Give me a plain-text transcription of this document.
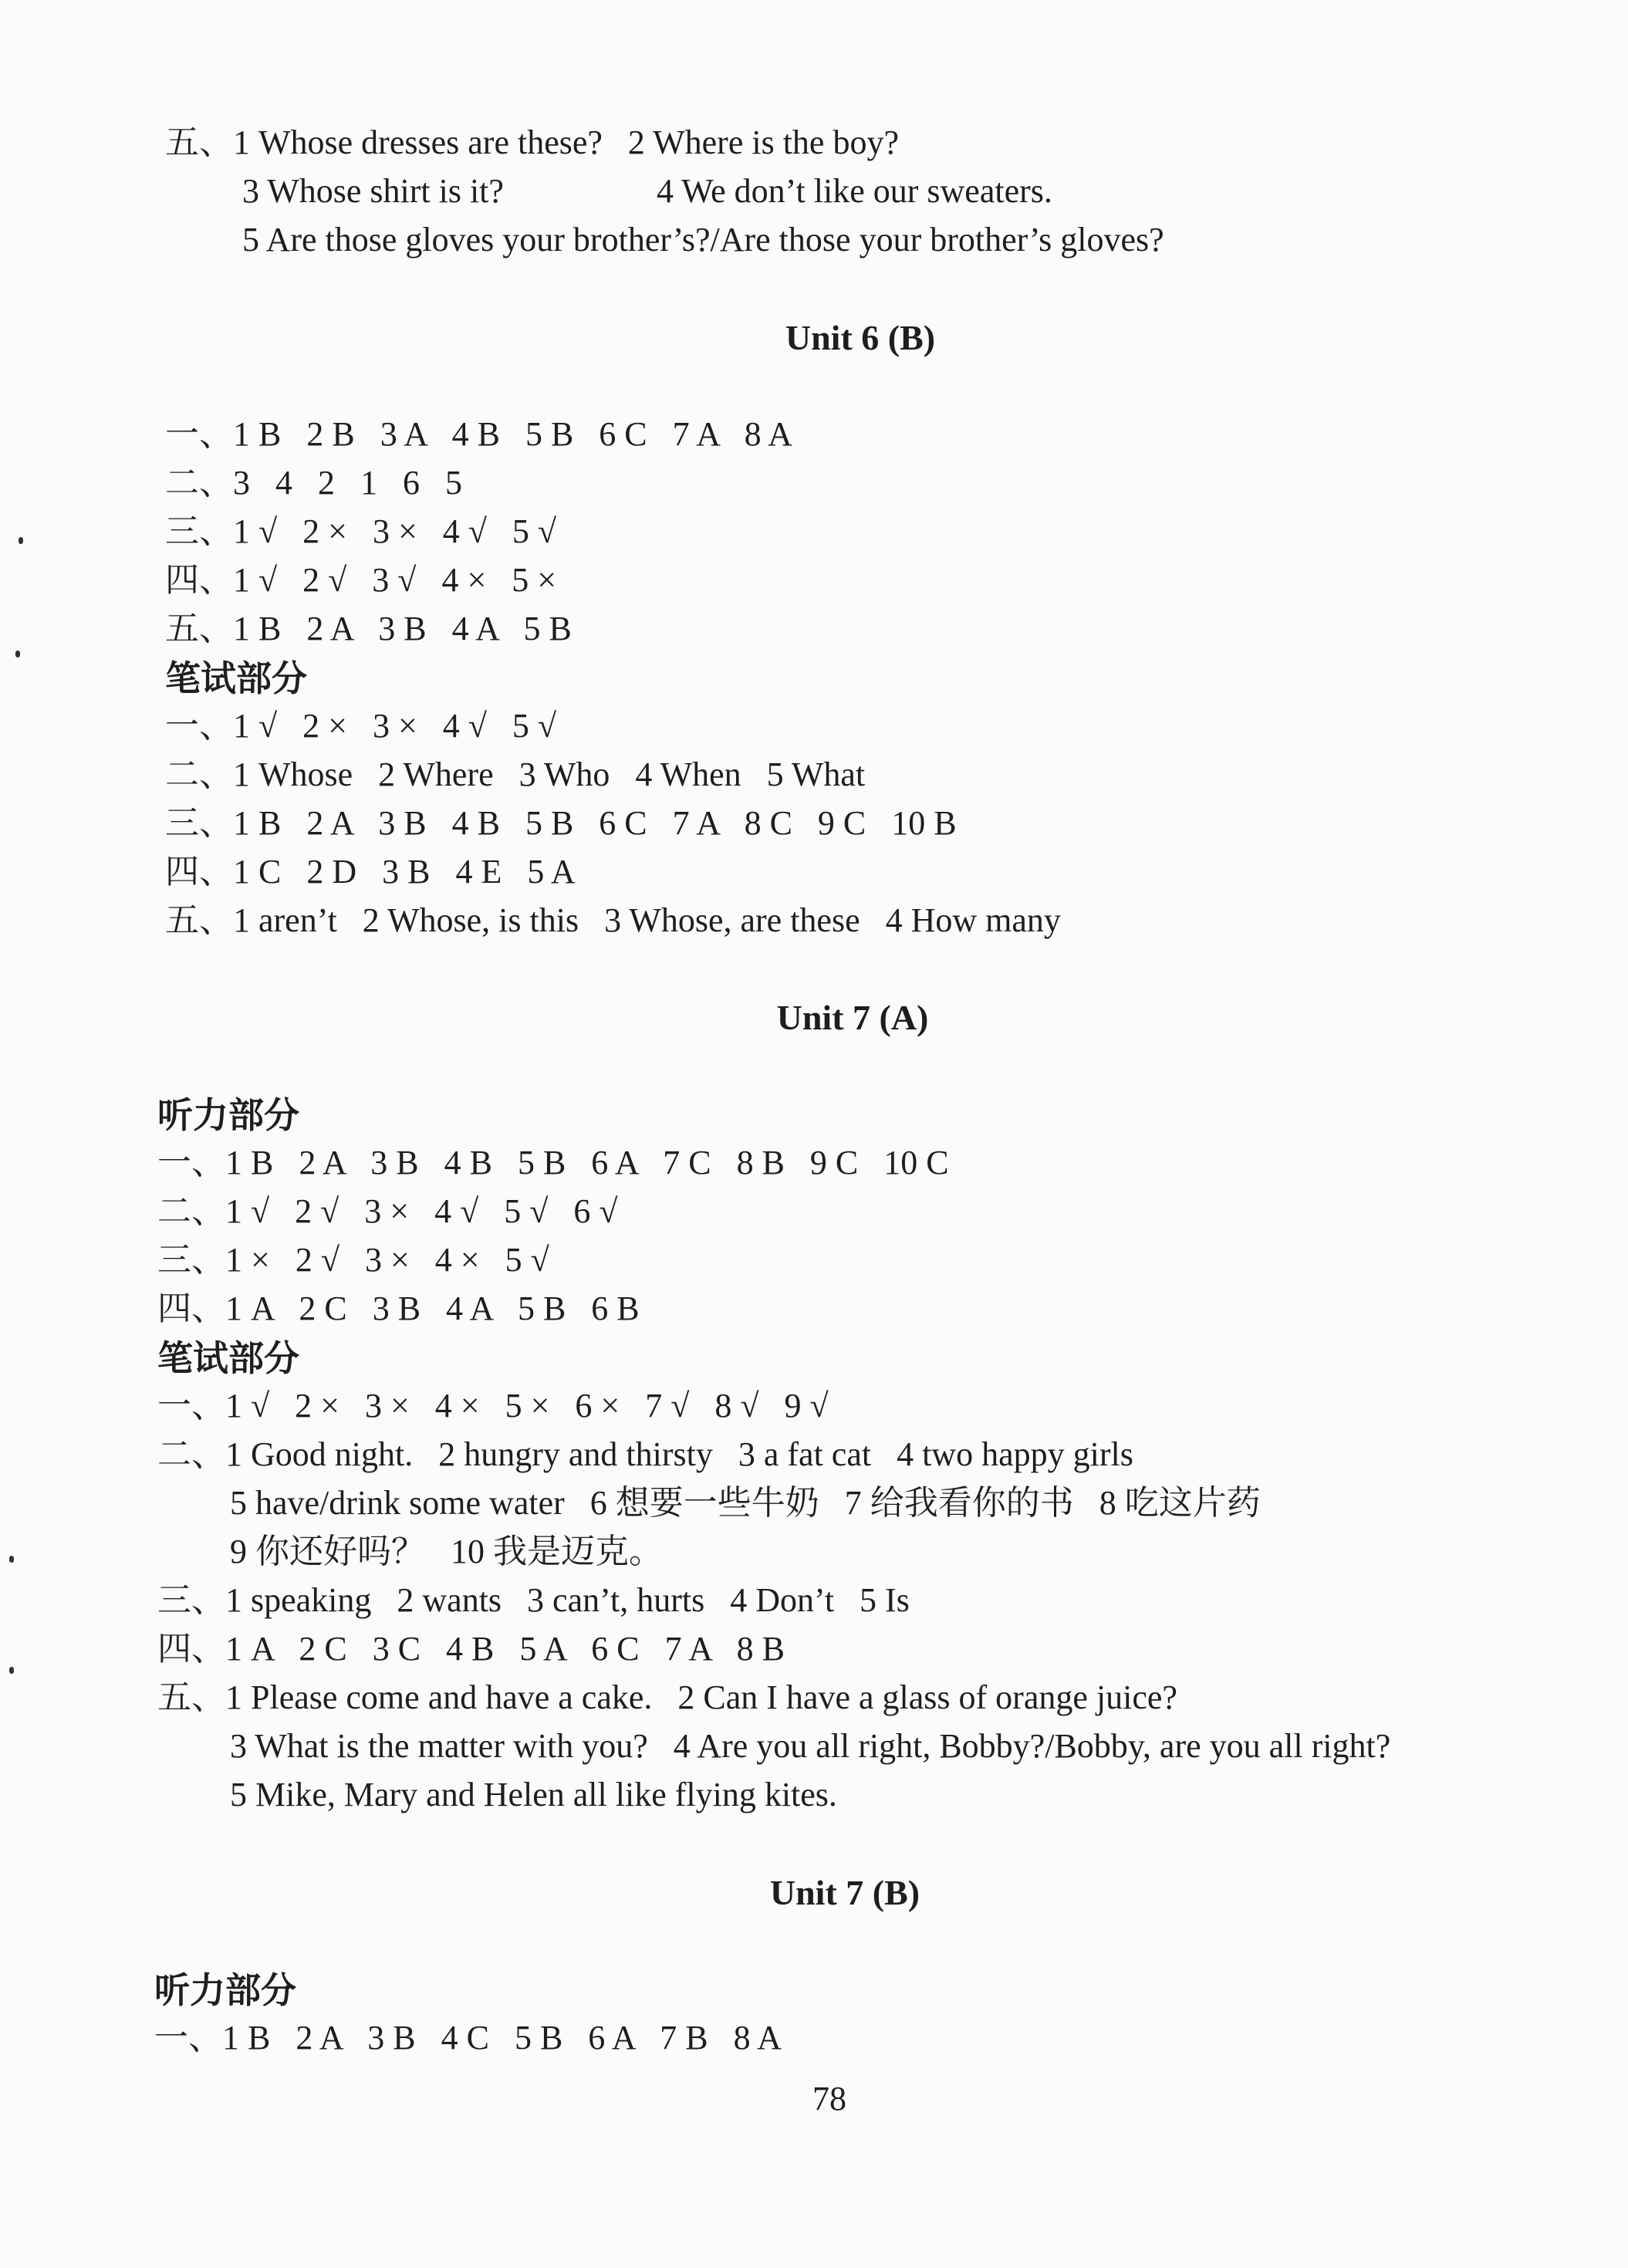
五、1 Whose dresses are these?   2 Where is the boy?
3 Whose shirt is it?                  4 We don’t like our sweaters.
5 Are those gloves your brother’s?/Are those your brother’s gloves?
Unit 6 (B)
一、1 B   2 B   3 A   4 B   5 B   6 C   7 A   8 A
二、3   4   2   1   6   5
三、1 √   2 ×   3 ×   4 √   5 √
四、1 √   2 √   3 √   4 ×   5 ×
五、1 B   2 A   3 B   4 A   5 B
笔试部分
一、1 √   2 ×   3 ×   4 √   5 √
二、1 Whose   2 Where   3 Who   4 When   5 What
三、1 B   2 A   3 B   4 B   5 B   6 C   7 A   8 C   9 C   10 B
四、1 C   2 D   3 B   4 E   5 A
五、1 aren’t   2 Whose, is this   3 Whose, are these   4 How many
Unit 7 (A)
听力部分
一、1 B   2 A   3 B   4 B   5 B   6 A   7 C   8 B   9 C   10 C
二、1 √   2 √   3 ×   4 √   5 √   6 √
三、1 ×   2 √   3 ×   4 ×   5 √
四、1 A   2 C   3 B   4 A   5 B   6 B
笔试部分
一、1 √   2 ×   3 ×   4 ×   5 ×   6 ×   7 √   8 √   9 √
二、1 Good night.   2 hungry and thirsty   3 a fat cat   4 two happy girls
5 have/drink some water   6 想要一些牛奶   7 给我看你的书   8 吃这片药
9 你还好吗？   10 我是迈克。
三、1 speaking   2 wants   3 can’t, hurts   4 Don’t   5 Is
四、1 A   2 C   3 C   4 B   5 A   6 C   7 A   8 B
五、1 Please come and have a cake.   2 Can I have a glass of orange juice?
3 What is the matter with you?   4 Are you all right, Bobby?/Bobby, are you all right?
5 Mike, Mary and Helen all like flying kites.
Unit 7 (B)
听力部分
一、1 B   2 A   3 B   4 C   5 B   6 A   7 B   8 A
78
